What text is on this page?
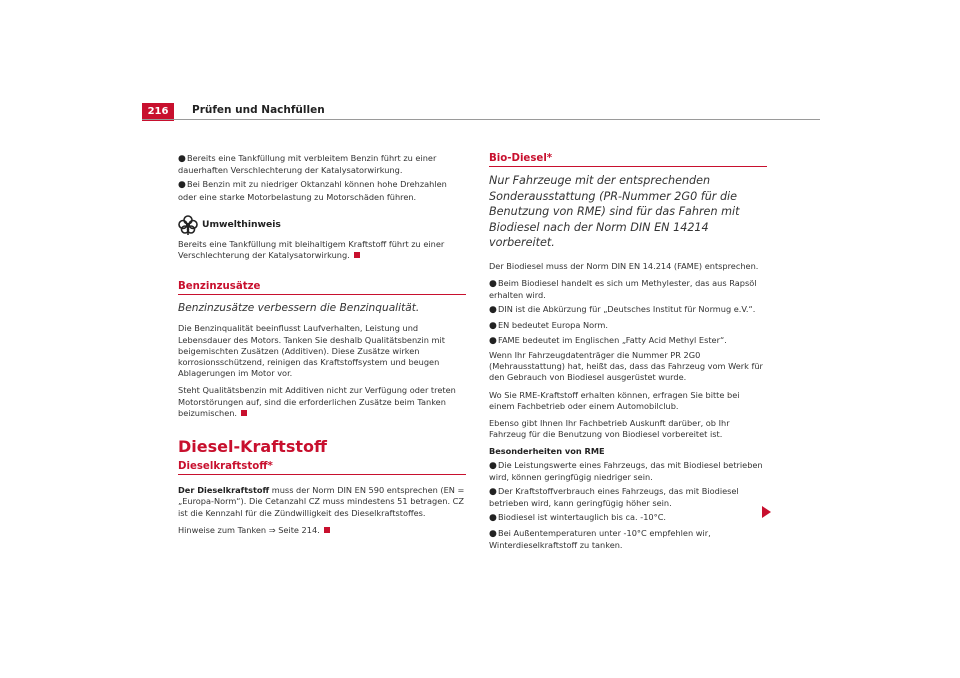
216	Prüfen und Nachfüllen

●Bereits eine Tankfüllung mit verbleitem Benzin führt zu einer dauerhaften Verschlechterung der Katalysatorwirkung.

●Bei Benzin mit zu niedriger Oktanzahl können hohe Drehzahlen oder eine starke Motorbelastung zu Motorschäden führen.

Umwelthinweis

Bereits eine Tankfüllung mit bleihaltigem Kraftstoff führt zu einer Verschlechterung der Katalysatorwirkung.

Benzinzusätze
Benzinzusätze verbessern die Benzinqualität.

Die Benzinqualität beeinflusst Laufverhalten, Leistung und Lebensdauer des Motors. Tanken Sie deshalb Qualitätsbenzin mit beigemischten Zusätzen (Additiven). Diese Zusätze wirken korrosionsschützend, reinigen das Kraftstoffsystem und beugen Ablagerungen im Motor vor.

Steht Qualitätsbenzin mit Additiven nicht zur Verfügung oder treten Motorstörungen auf, sind die erforderlichen Zusätze beim Tanken beizumischen.

Diesel-Kraftstoff
Dieselkraftstoff*

Der Dieselkraftstoff muss der Norm DIN EN 590 entsprechen (EN = „Europa-Norm“). Die Cetanzahl CZ muss mindestens 51 betragen. CZ ist die Kennzahl für die Zündwilligkeit des Dieselkraftstoffes.

Hinweise zum Tanken ⇒ Seite 214.

Bio-Diesel*
Nur Fahrzeuge mit der entsprechenden Sonderausstattung (PR-Nummer 2G0 für die Benutzung von RME) sind für das Fahren mit Biodiesel nach der Norm DIN EN 14214 vorbereitet.

Der Biodiesel muss der Norm DIN EN 14.214 (FAME) entsprechen.

●Beim Biodiesel handelt es sich um Methylester, das aus Rapsöl erhalten wird.

●DIN ist die Abkürzung für „Deutsches Institut für Normug e.V.“.

●EN bedeutet Europa Norm.

●FAME bedeutet im Englischen „Fatty Acid Methyl Ester“.

Wenn Ihr Fahrzeugdatenträger die Nummer PR 2G0 (Mehrausstattung) hat, heißt das, dass das Fahrzeug vom Werk für den Gebrauch von Biodiesel ausgerüstet wurde.

Wo Sie RME-Kraftstoff erhalten können, erfragen Sie bitte bei einem Fachbetrieb oder einem Automobilclub.

Ebenso gibt Ihnen Ihr Fachbetrieb Auskunft darüber, ob Ihr Fahrzeug für die Benutzung von Biodiesel vorbereitet ist.

Besonderheiten von RME

●Die Leistungswerte eines Fahrzeugs, das mit Biodiesel betrieben wird, können geringfügig niedriger sein.

●Der Kraftstoffverbrauch eines Fahrzeugs, das mit Biodiesel betrieben wird, kann geringfügig höher sein.

●Biodiesel ist wintertauglich bis ca. -10°C.

●Bei Außentemperaturen unter -10°C empfehlen wir, Winterdieselkraftstoff zu tanken.
